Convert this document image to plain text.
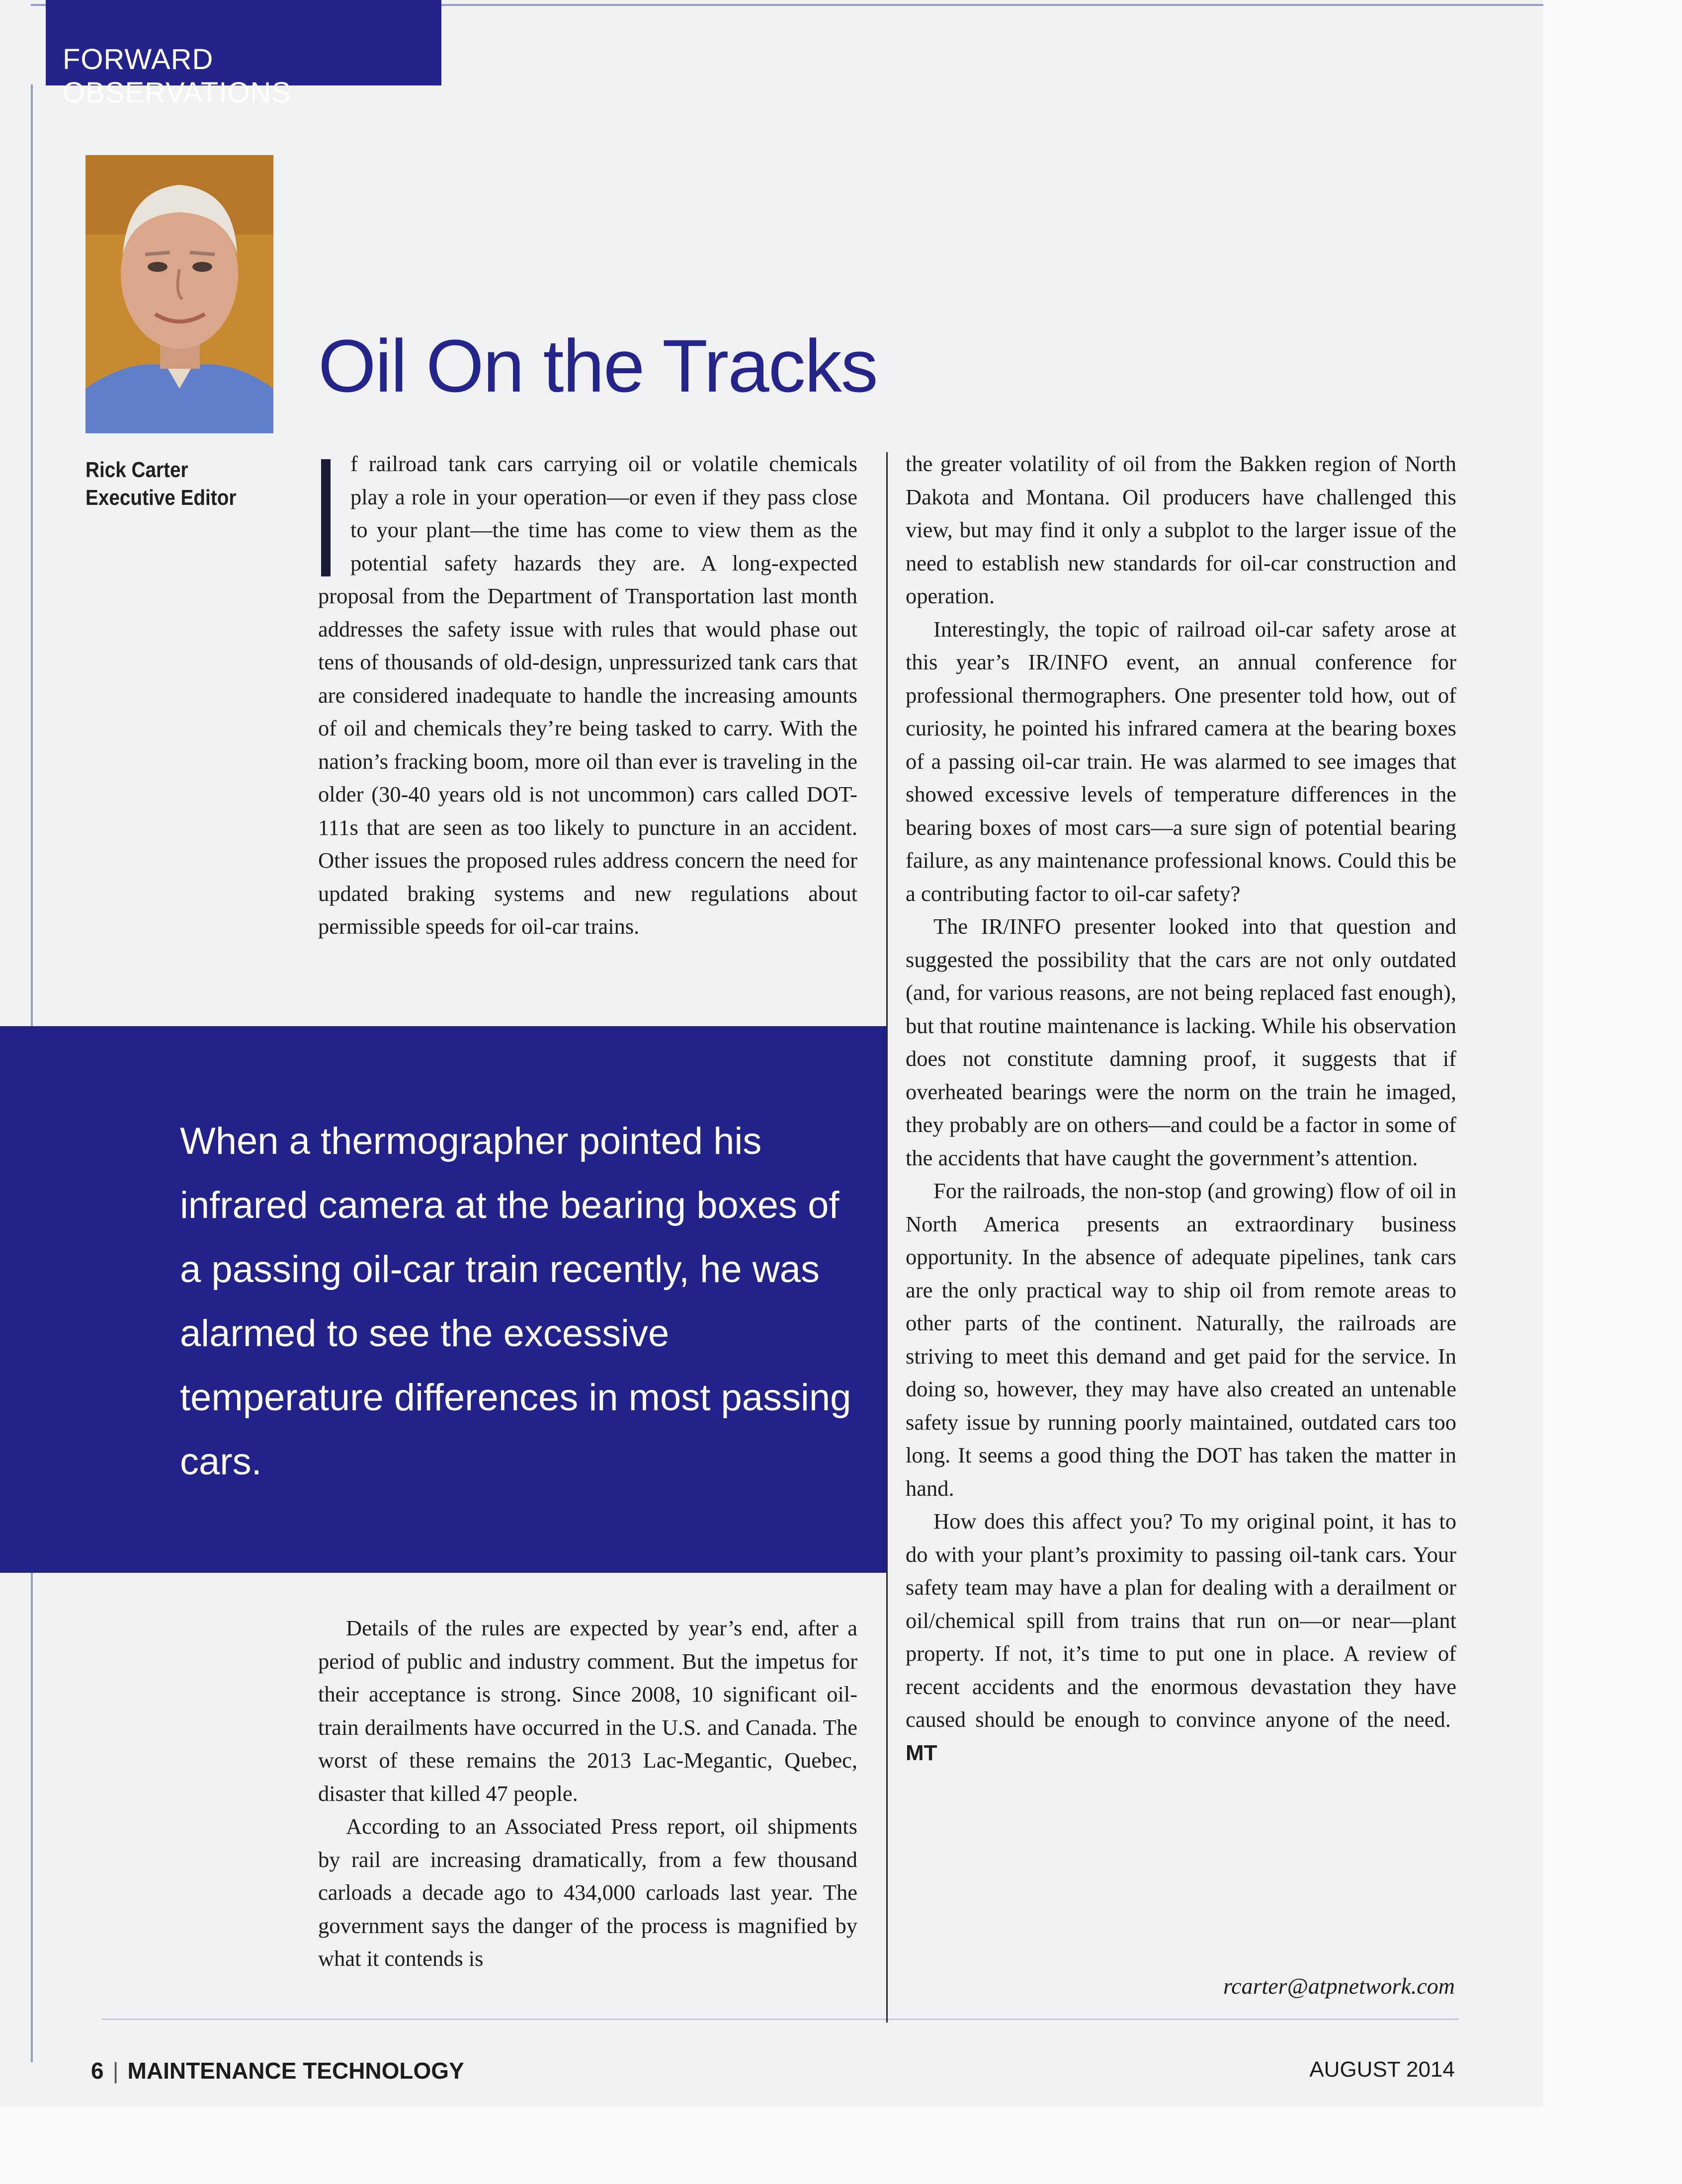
FORWARD OBSERVATIONS
Rick Carter
Executive Editor
Oil On the Tracks

f railroad tank cars carrying oil or volatile chemicals play a role in your operation—or even if they pass close to your plant—the time has come to view them as the potential safety hazards they are. A long-expected proposal from the Department of Transportation last month addresses the safety issue with rules that would phase out tens of thousands of old-design, unpressurized tank cars that are considered inadequate to handle the increasing amounts of oil and chemicals they’re being tasked to carry. With the nation’s fracking boom, more oil than ever is traveling in the older (30-40 years old is not uncommon) cars called DOT-111s that are seen as too likely to puncture in an accident. Other issues the proposed rules address concern the need for updated braking systems and new regulations about permissible speeds for oil-car trains.

When a thermographer pointed his infrared camera at the bearing boxes of a passing oil-car train recently, he was alarmed to see the excessive temperature differences in most passing cars.

Details of the rules are expected by year’s end, after a period of public and industry comment. But the impetus for their acceptance is strong. Since 2008, 10 significant oil-train derailments have occurred in the U.S. and Canada. The worst of these remains the 2013 Lac-Megantic, Quebec, disaster that killed 47 people.

According to an Associated Press report, oil shipments by rail are increasing dramatically, from a few thousand carloads a decade ago to 434,000 carloads last year. The government says the danger of the process is magnified by what it contends is

the greater volatility of oil from the Bakken region of North Dakota and Montana. Oil producers have challenged this view, but may find it only a subplot to the larger issue of the need to establish new standards for oil-car construction and operation.

Interestingly, the topic of railroad oil-car safety arose at this year’s IR/INFO event, an annual conference for professional thermographers. One presenter told how, out of curiosity, he pointed his infrared camera at the bearing boxes of a passing oil-car train. He was alarmed to see images that showed excessive levels of temperature differences in the bearing boxes of most cars—a sure sign of potential bearing failure, as any maintenance professional knows. Could this be a contributing factor to oil-car safety?

The IR/INFO presenter looked into that question and suggested the possibility that the cars are not only outdated (and, for various reasons, are not being replaced fast enough), but that routine maintenance is lacking. While his observation does not constitute damning proof, it suggests that if overheated bearings were the norm on the train he imaged, they probably are on others—and could be a factor in some of the accidents that have caught the government’s attention.

For the railroads, the non-stop (and growing) flow of oil in North America presents an extraordinary business opportunity. In the absence of adequate pipelines, tank cars are the only practical way to ship oil from remote areas to other parts of the continent. Naturally, the railroads are striving to meet this demand and get paid for the service. In doing so, however, they may have also created an untenable safety issue by running poorly maintained, outdated cars too long. It seems a good thing the DOT has taken the matter in hand.

How does this affect you? To my original point, it has to do with your plant’s proximity to passing oil-tank cars. Your safety team may have a plan for dealing with a derailment or oil/chemical spill from trains that run on—or near—plant property. If not, it’s time to put one in place. A review of recent accidents and the enormous devastation they have caused should be enough to convince anyone of the need.  MT

rcarter@atpnetwork.com
6 | MAINTENANCE TECHNOLOGY	AUGUST 2014
